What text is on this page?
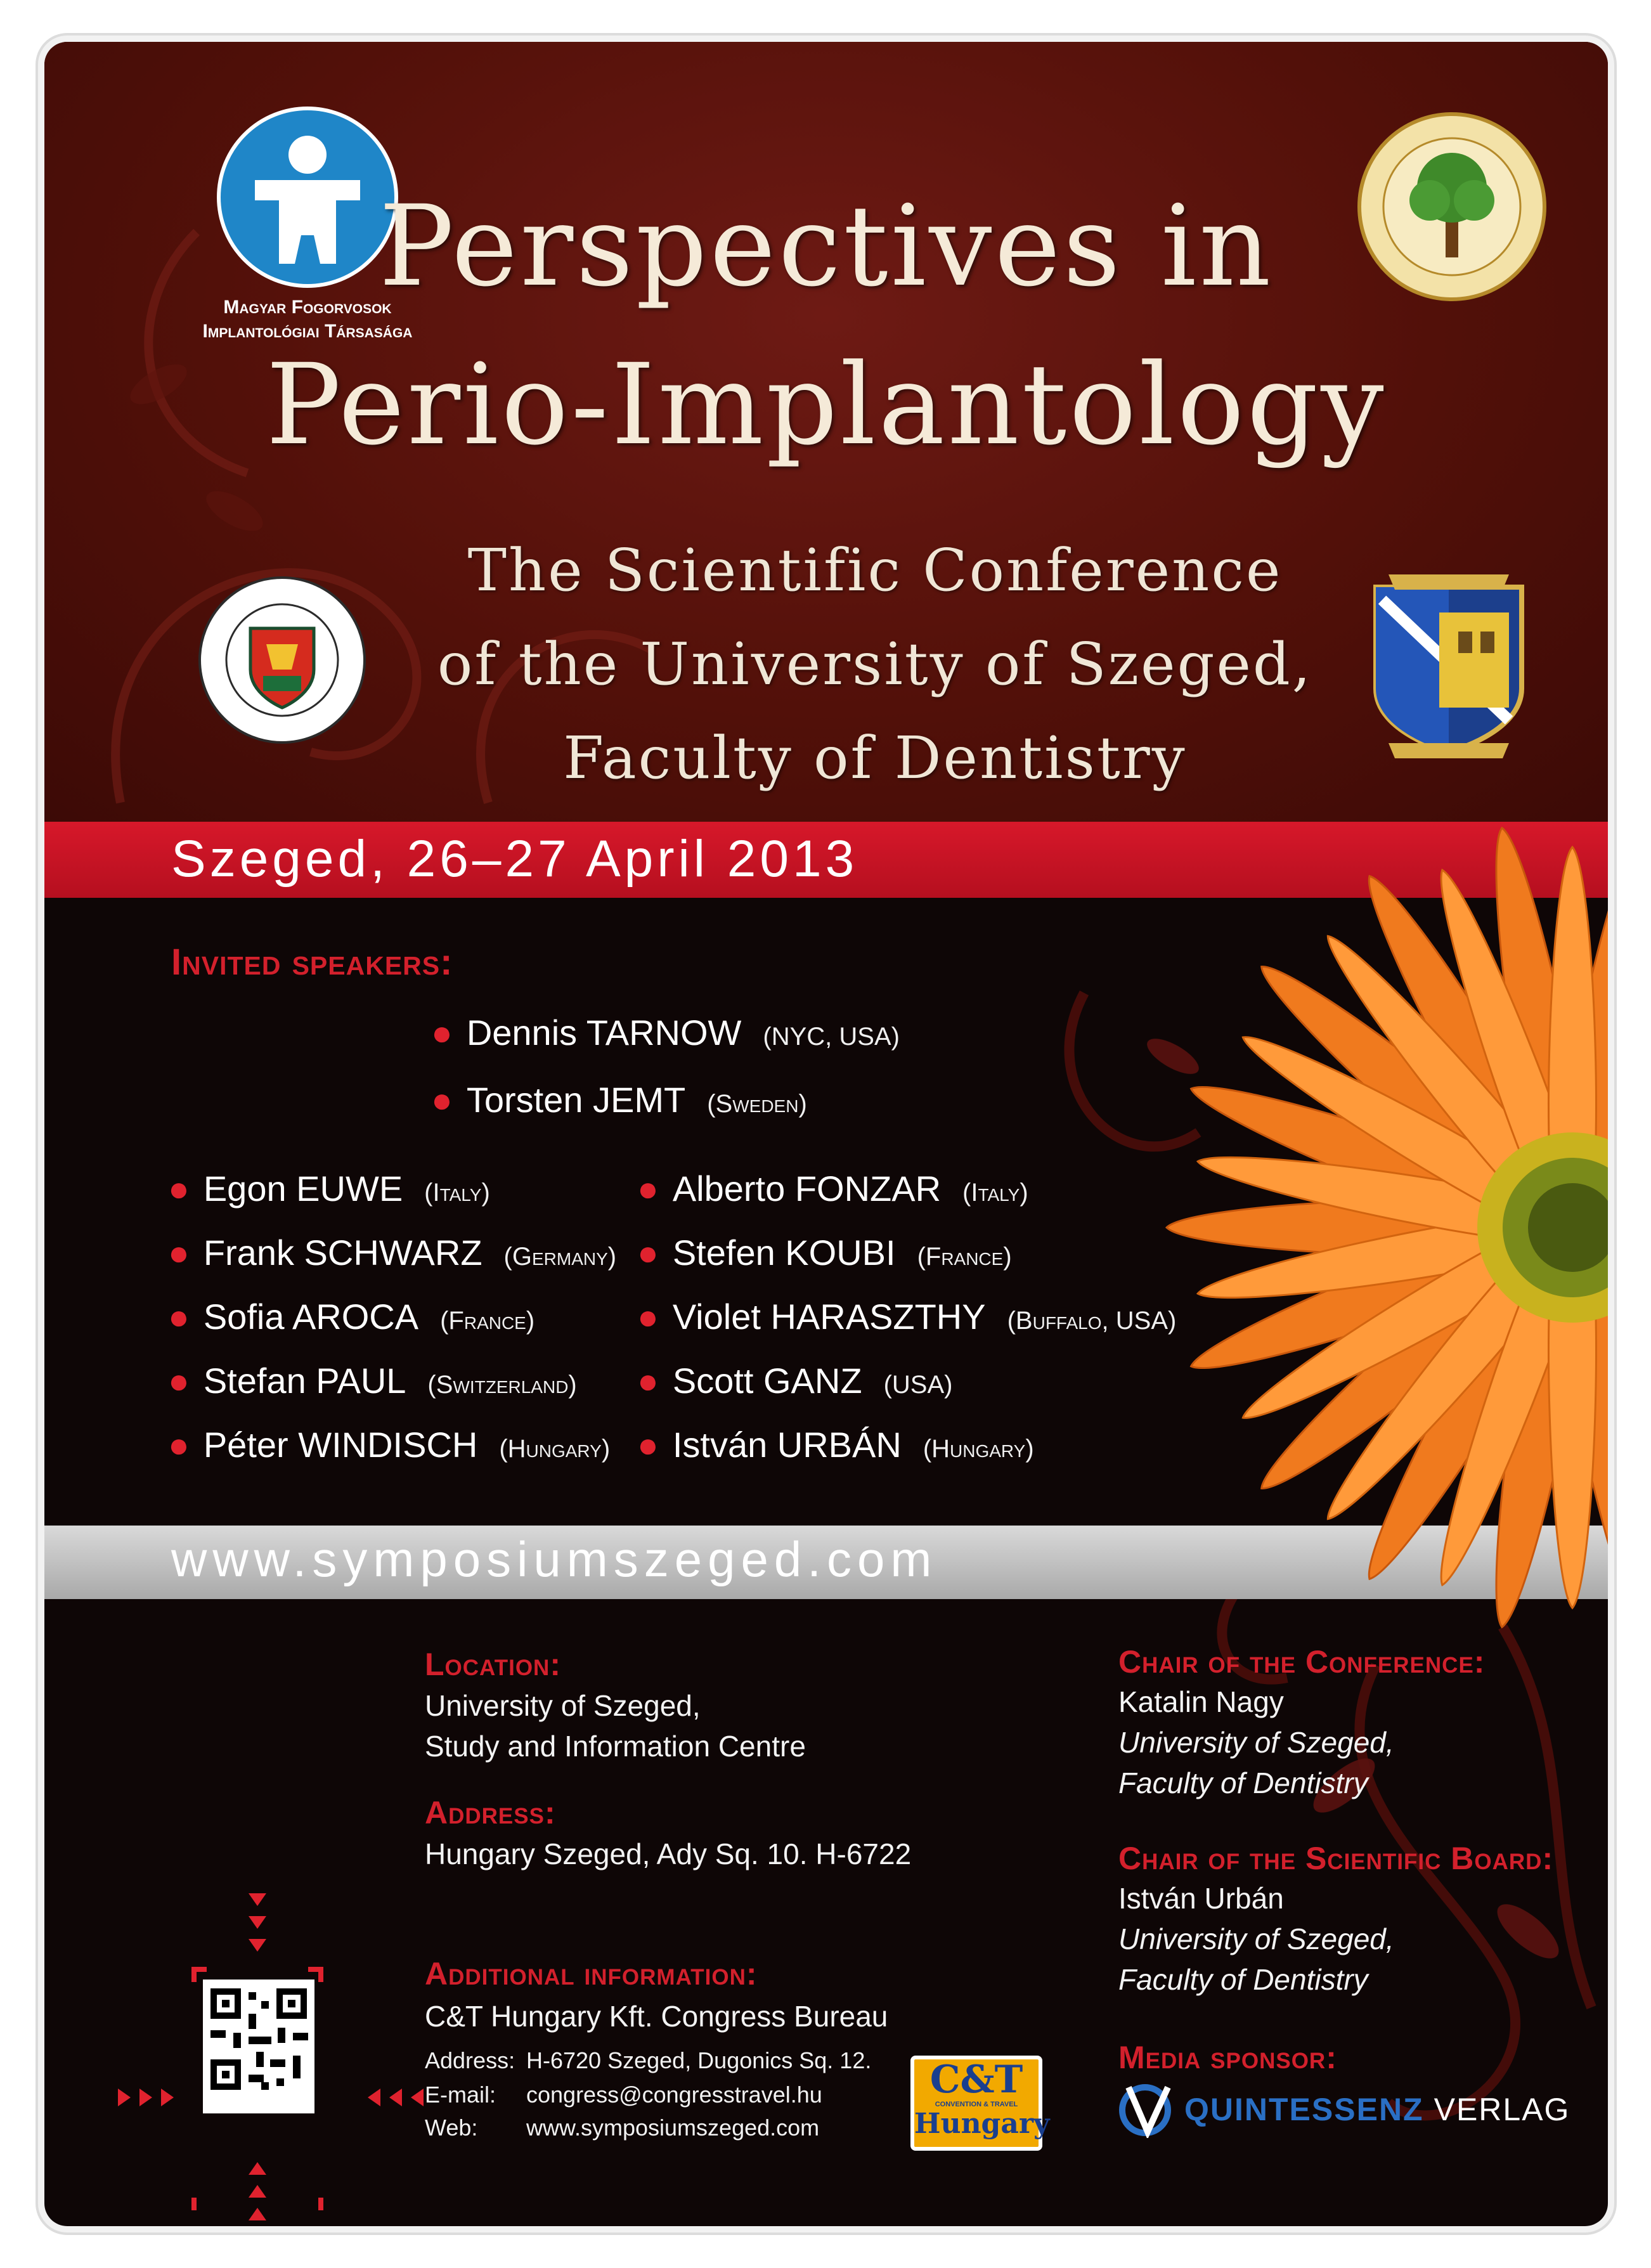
Magyar Fogorvosok
Implantológiai Társasága
Perspectives in
Perio-Implantology
The Scientific Conference
of the University of Szeged,
Faculty of Dentistry
Szeged, 26–27 April 2013
Invited speakers:
● Dennis TARNOW (NYC, USA)
● Torsten JEMT (Sweden)
● Egon EUWE (Italy)
● Frank SCHWARZ (Germany)
● Sofia AROCA (France)
● Stefan PAUL (Switzerland)
● Péter WINDISCH (Hungary)
● Alberto FONZAR (Italy)
● Stefen KOUBI (France)
● Violet HARASZTHY (Buffalo, USA)
● Scott GANZ (USA)
● István URBÁN (Hungary)
www.symposiumszeged.com
Location:
University of Szeged,
Study and Information Centre
Address:
Hungary Szeged, Ady Sq. 10. H-6722
Additional information:
C&T Hungary Kft. Congress Bureau
Address: H-6720 Szeged, Dugonics Sq. 12.
E-mail: congress@congresstravel.hu
Web: www.symposiumszeged.com
C&T
CONVENTION & TRAVEL
Hungary
Chair of the Conference:
Katalin Nagy
University of Szeged,
Faculty of Dentistry
Chair of the Scientific Board:
István Urbán
University of Szeged,
Faculty of Dentistry
Media sponsor:
QUINTESSENZ VERLAG
